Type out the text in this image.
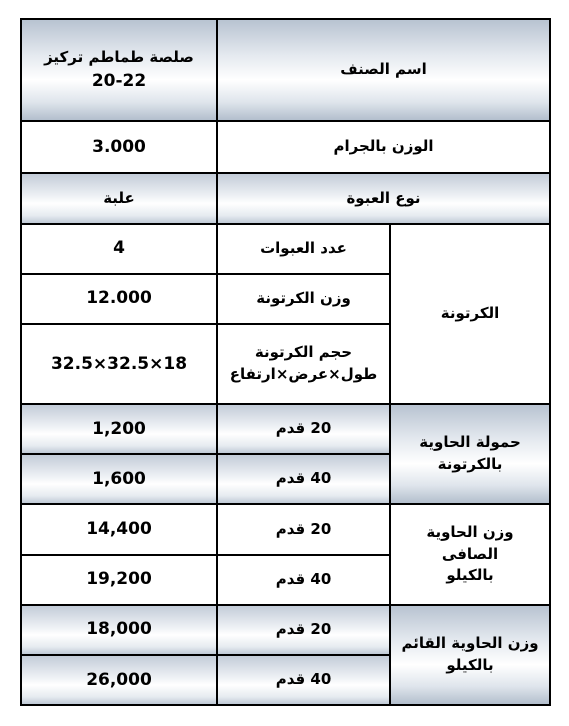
اسم الصنف		صلصة طماطم تركيز
20-22

الوزن بالجرام		3.000
نوع العبوة		علبة
الكرتونة	عدد العبوات	4
	وزن الكرتونة	12.000

	حجم الكرتونة
طول×عرض×ارتفاع	18×32.5×32.5

حمولة الحاوية
بالكرتونة	20 قدم	1,200
	40 قدم	1,600

وزن الحاوية الصافى
بالكيلو	20 قدم	14,400
	40 قدم	19,200

وزن الحاوية القائم
بالكيلو	20 قدم	18,000
	40 قدم	26,000
